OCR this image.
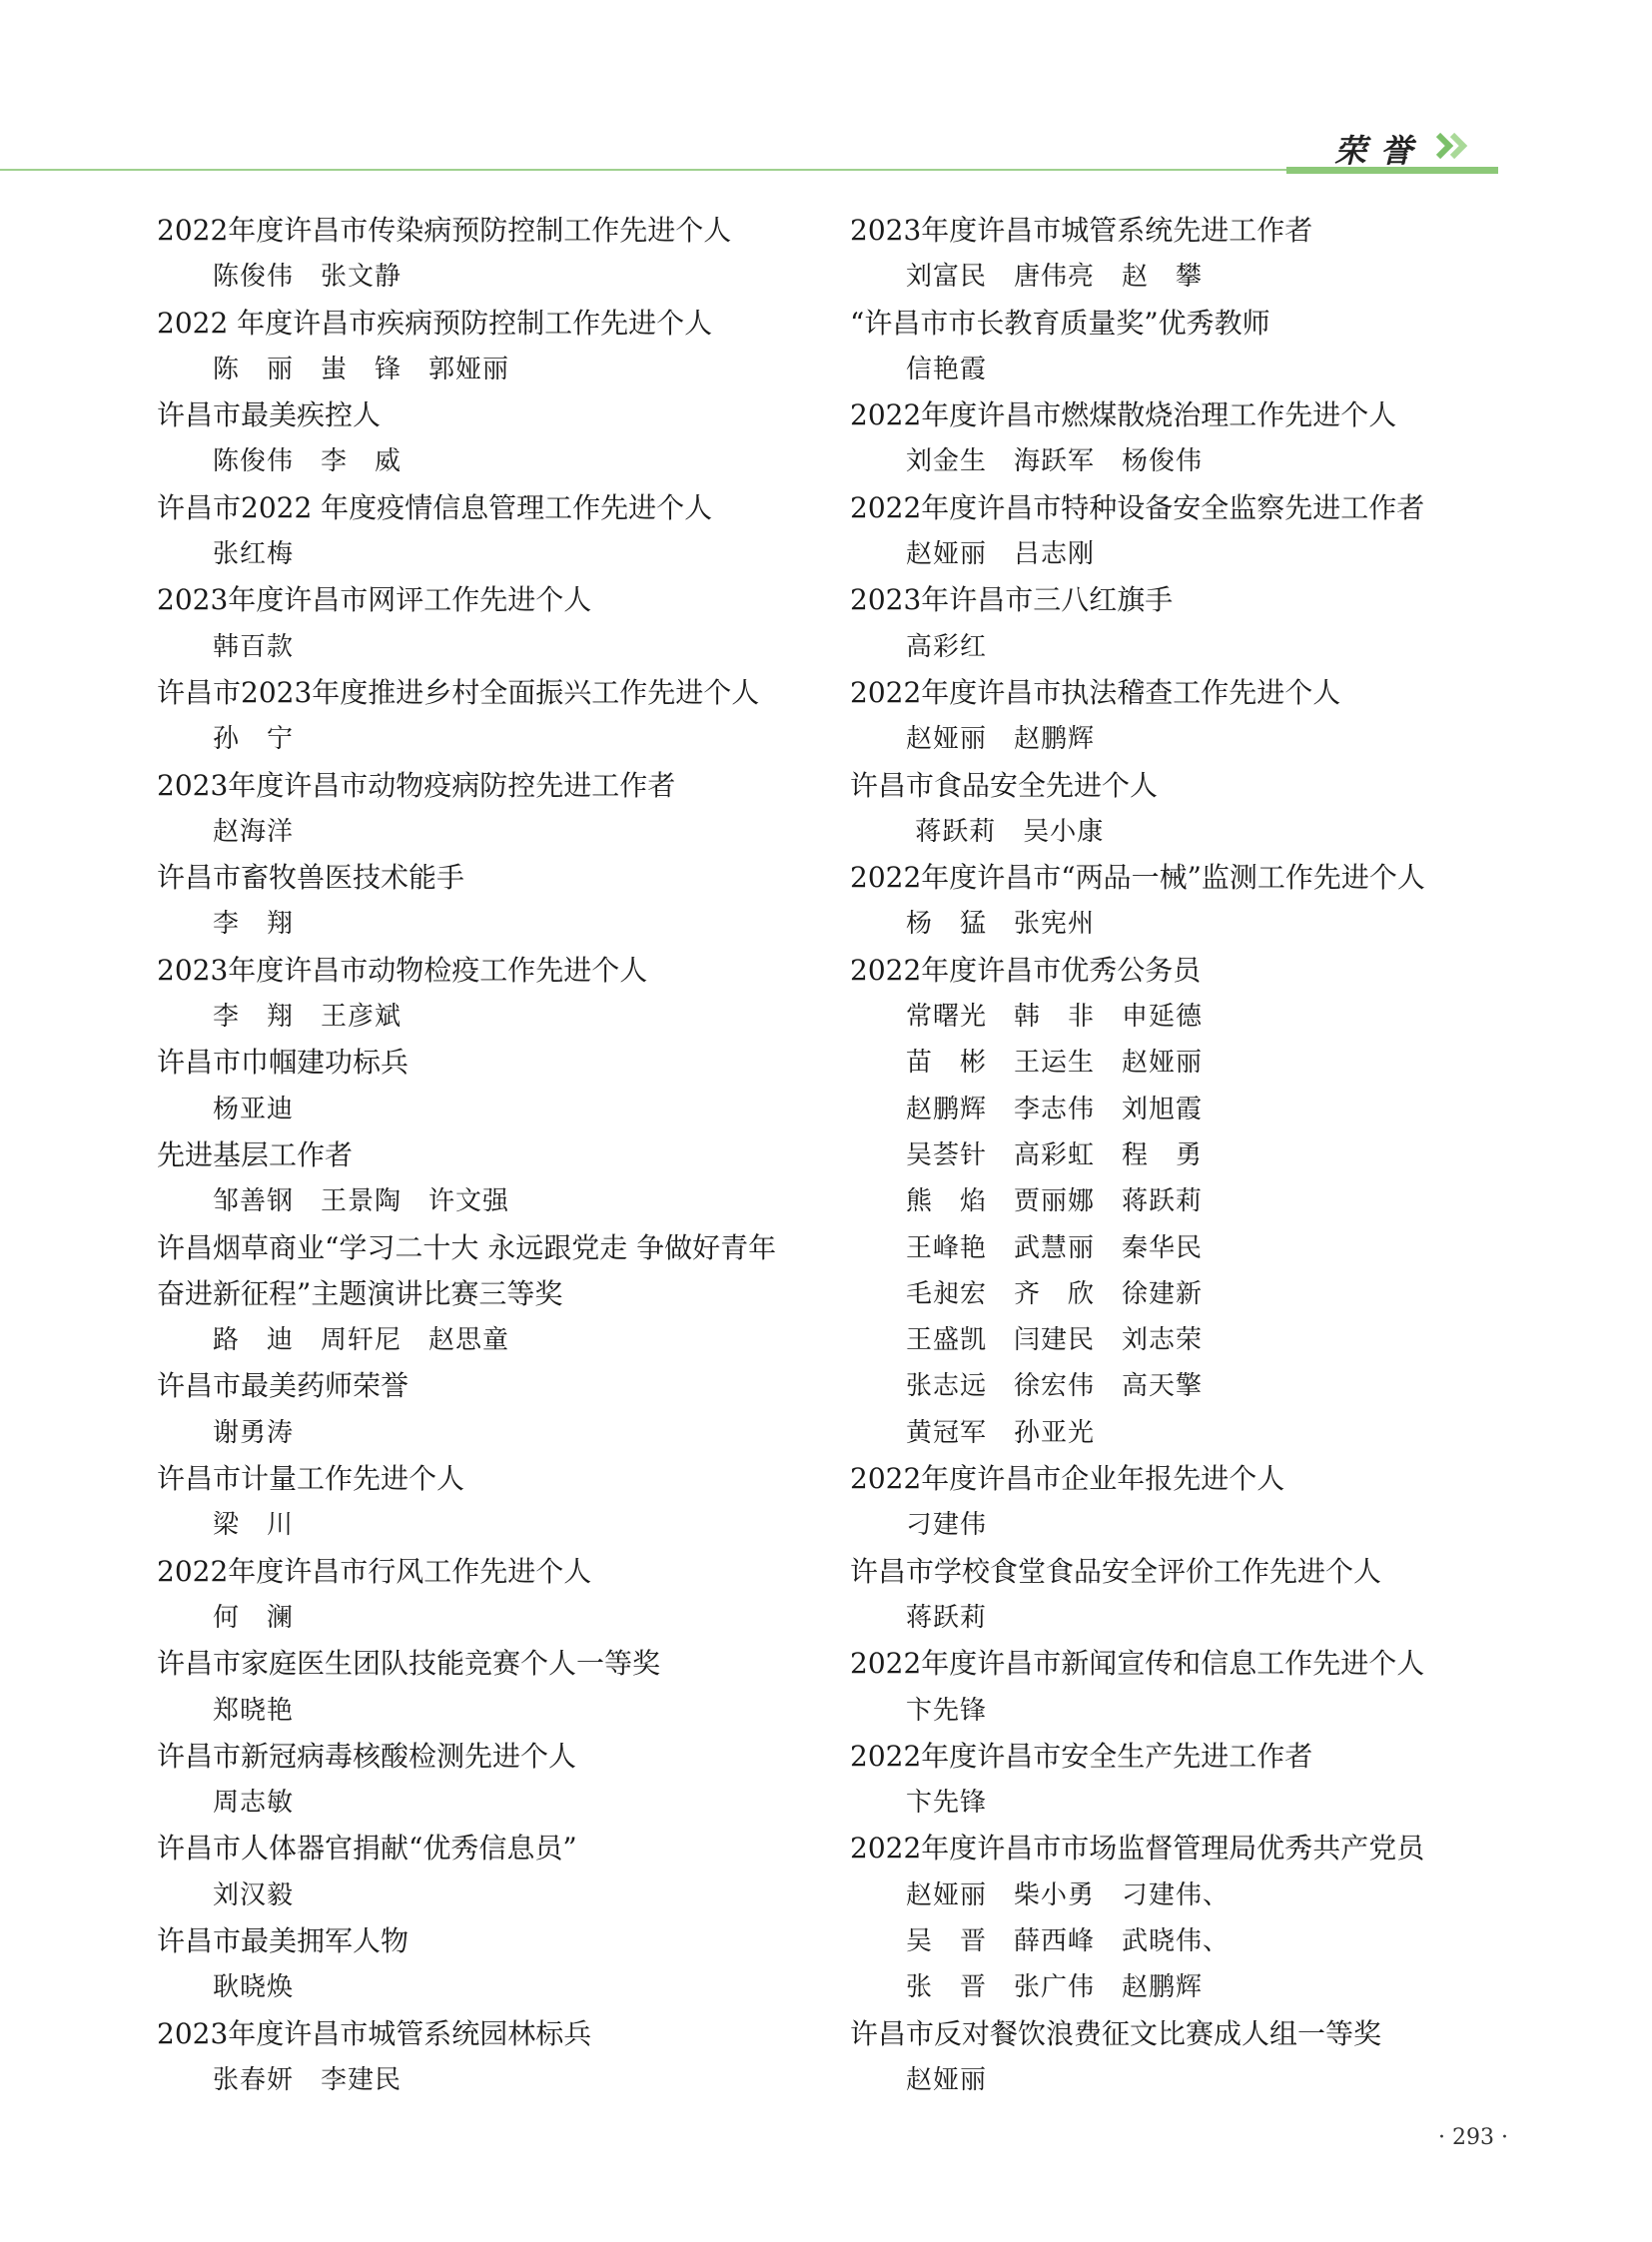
荣誉
2022年度许昌市传染病预防控制工作先进个人
陈俊伟　张文静
2022 年度许昌市疾病预防控制工作先进个人
陈　丽　蚩　锋　郭娅丽
许昌市最美疾控人
陈俊伟　李　威
许昌市2022 年度疫情信息管理工作先进个人
张红梅
2023年度许昌市网评工作先进个人
韩百款
许昌市2023年度推进乡村全面振兴工作先进个人
孙　宁
2023年度许昌市动物疫病防控先进工作者
赵海洋
许昌市畜牧兽医技术能手
李　翔
2023年度许昌市动物检疫工作先进个人
李　翔　王彦斌
许昌市巾帼建功标兵
杨亚迪
先进基层工作者
邹善钢　王景陶　许文强
许昌烟草商业“学习二十大 永远跟党走 争做好青年
奋进新征程”主题演讲比赛三等奖
路　迪　周轩尼　赵思童
许昌市最美药师荣誉
谢勇涛
许昌市计量工作先进个人
梁　川
2022年度许昌市行风工作先进个人
何　澜
许昌市家庭医生团队技能竞赛个人一等奖
郑晓艳
许昌市新冠病毒核酸检测先进个人
周志敏
许昌市人体器官捐献“优秀信息员”
刘汉毅
许昌市最美拥军人物
耿晓焕
2023年度许昌市城管系统园林标兵
张春妍　李建民
2023年度许昌市城管系统先进工作者
刘富民　唐伟亮　赵　攀
“许昌市市长教育质量奖”优秀教师
信艳霞
2022年度许昌市燃煤散烧治理工作先进个人
刘金生　海跃军　杨俊伟
2022年度许昌市特种设备安全监察先进工作者
赵娅丽　吕志刚
2023年许昌市三八红旗手
高彩红
2022年度许昌市执法稽查工作先进个人
赵娅丽　赵鹏辉
许昌市食品安全先进个人
蒋跃莉　吴小康
2022年度许昌市“两品一械”监测工作先进个人
杨　猛　张宪州
2022年度许昌市优秀公务员
常曙光　韩　非　申延德
苗　彬　王运生　赵娅丽
赵鹏辉　李志伟　刘旭霞
吴荟针　高彩虹　程　勇
熊　焰　贾丽娜　蒋跃莉
王峰艳　武慧丽　秦华民
毛昶宏　齐　欣　徐建新
王盛凯　闫建民　刘志荣
张志远　徐宏伟　高天擎
黄冠军　孙亚光
2022年度许昌市企业年报先进个人
刁建伟
许昌市学校食堂食品安全评价工作先进个人
蒋跃莉
2022年度许昌市新闻宣传和信息工作先进个人
卞先锋
2022年度许昌市安全生产先进工作者
卞先锋
2022年度许昌市市场监督管理局优秀共产党员
赵娅丽　柴小勇　刁建伟、
吴　晋　薛西峰　武晓伟、
张　晋　张广伟　赵鹏辉
许昌市反对餐饮浪费征文比赛成人组一等奖
赵娅丽
· 293 ·
